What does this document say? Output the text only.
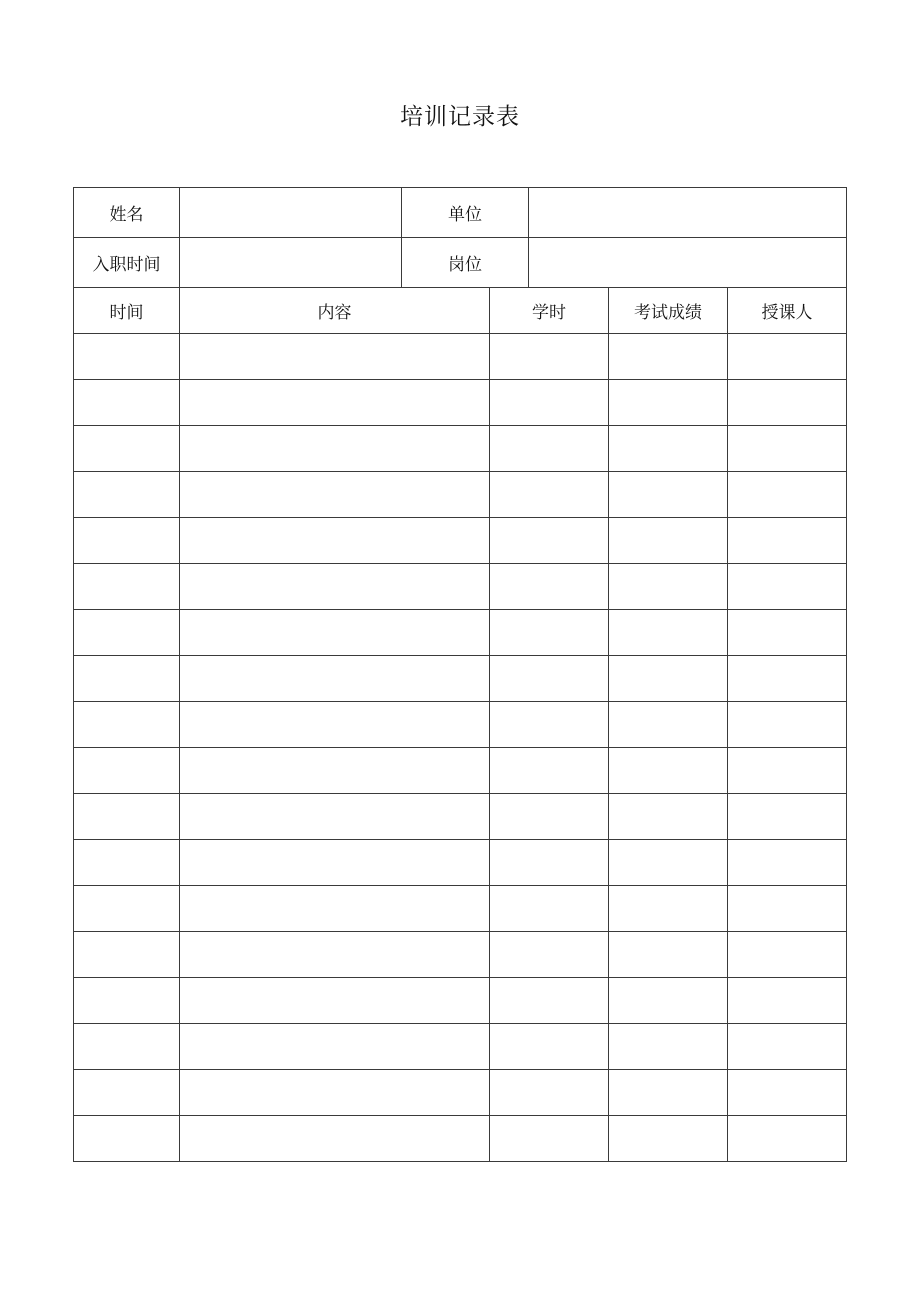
培训记录表
姓名		单位				
入职时间		岗位				
时间	内容		学时		考试成绩	授课人
